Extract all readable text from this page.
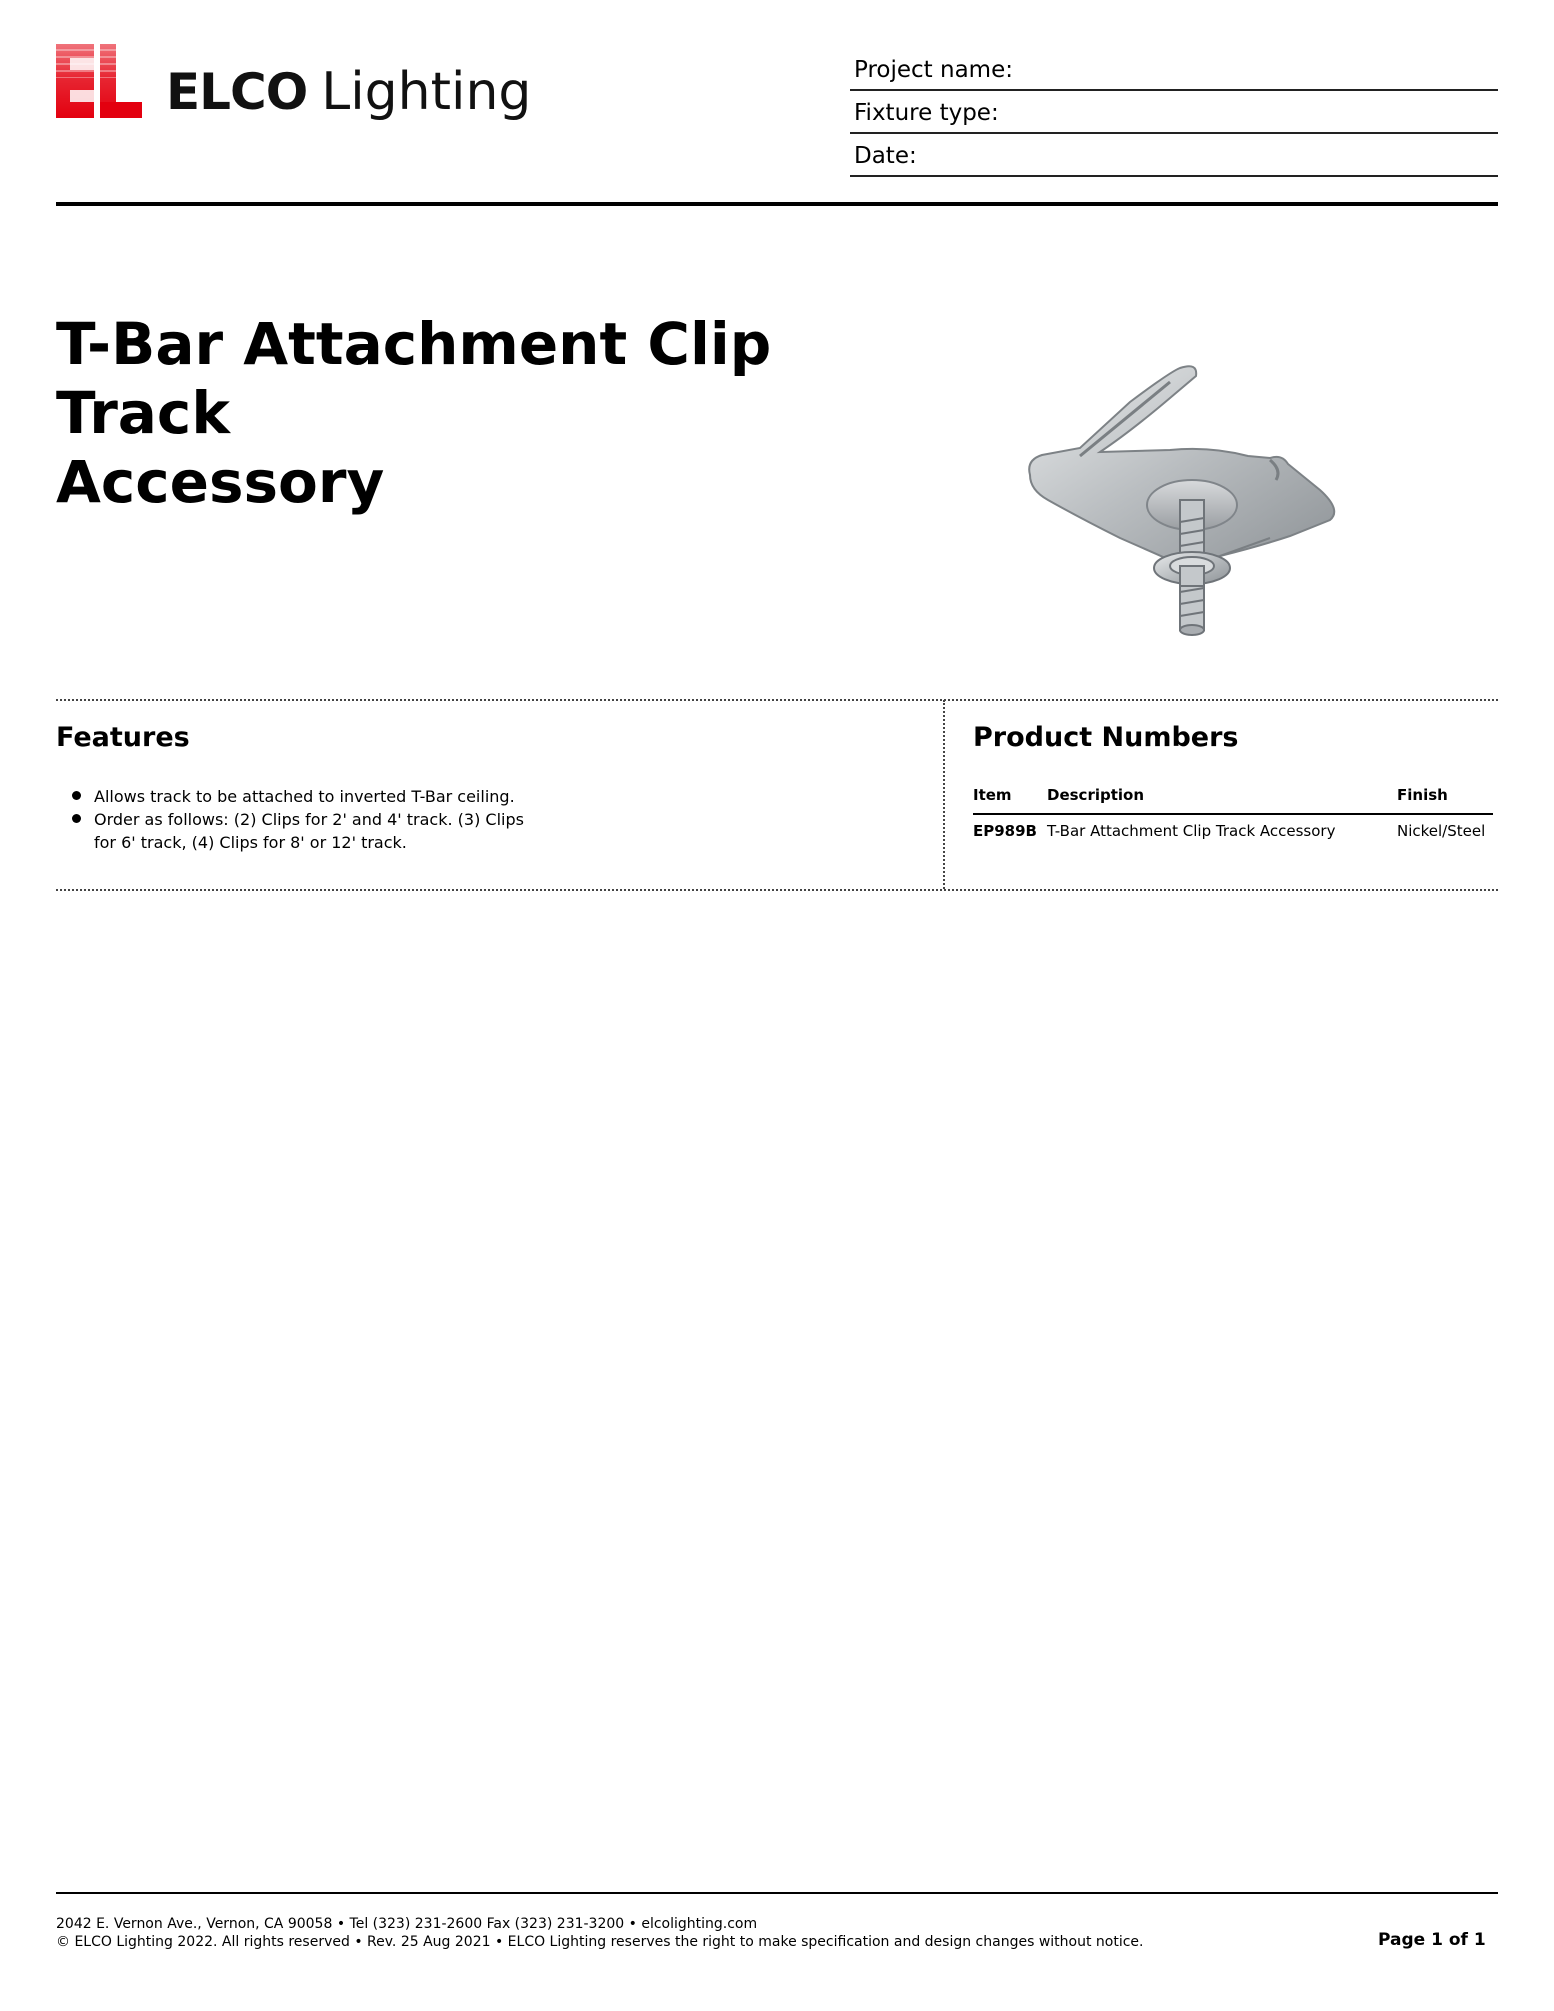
ELCO Lighting	Project name:
Fixture type:
Date:
T-Bar Attachment Clip Track
Accessory
Features
Allows track to be attached to inverted T-Bar ceiling.
Order as follows: (2) Clips for 2' and 4' track. (3) Clips for 6' track, (4) Clips for 8' or 12' track.
Product Numbers
Item Description	Finish
EP989B T-Bar Attachment Clip Track Accessory	Nickel/Steel
2042 E. Vernon Ave., Vernon, CA 90058 • Tel (323) 231-2600 Fax (323) 231-3200 • elcolighting.com
© ELCO Lighting 2022. All rights reserved • Rev. 25 Aug 2021 • ELCO Lighting reserves the right to make specification and design changes without notice.	Page 1 of 1
